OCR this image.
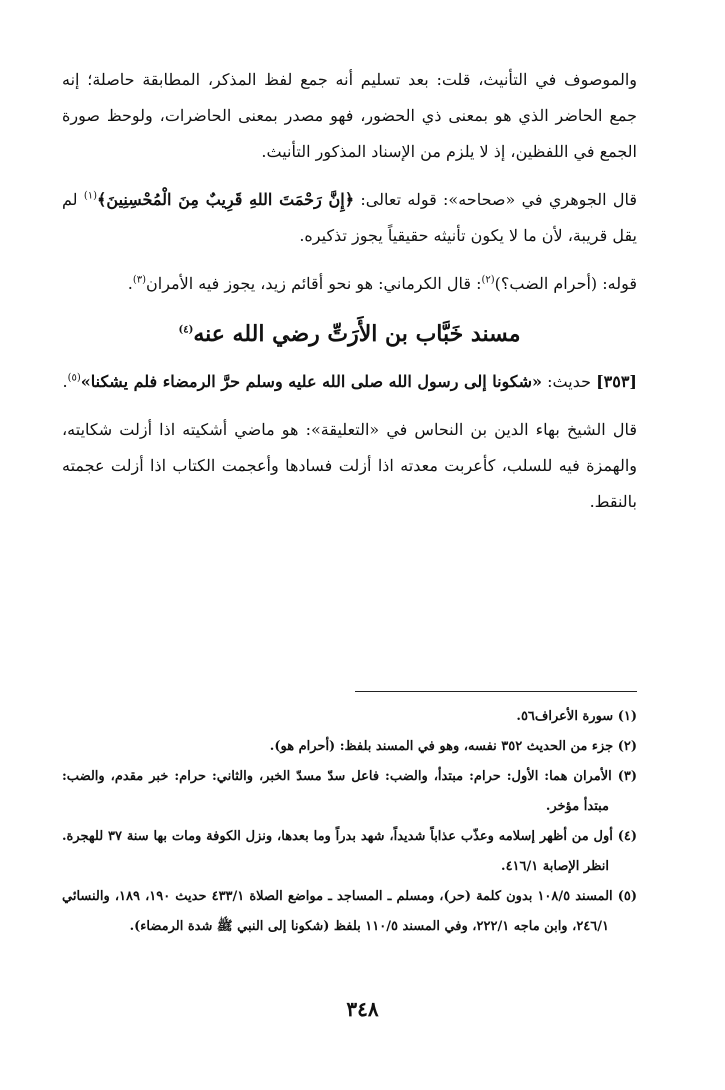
والموصوف في التأنيث، قلت: بعد تسليم أنه جمع لفظ المذكر، المطابقة حاصلة؛ إنه جمع الحاضر الذي هو بمعنى ذي الحضور، فهو مصدر بمعنى الحاضرات، ولوحظ صورة الجمع في اللفظين، إذ لا يلزم من الإسناد المذكور التأنيث.

قال الجوهري في «صحاحه»: قوله تعالى: ﴿إِنَّ رَحْمَتَ اللهِ قَرِيبٌ مِنَ الْمُحْسِنِينَ﴾$^{(١)}$ لم يقل قريبة، لأن ما لا يكون تأنيثه حقيقياً يجوز تذكيره.

قوله: (أحرام الضب؟)$^{(٢)}$: قال الكرماني: هو نحو أقائم زيد، يجوز فيه الأمران$^{(٣)}$.

مسند خَبَّاب بن الأَرَتِّ رضي الله عنه$^{(٤)}$

[٣٥٣] حديث: «شكونا إلى رسول الله صلى الله عليه وسلم حرَّ الرمضاء فلم يشكنا»$^{(٥)}$.

قال الشيخ بهاء الدين بن النحاس في «التعليقة»: هو ماضي أشكيته اذا أزلت شكايته، والهمزة فيه للسلب، كأعربت معدته اذا أزلت فسادها وأعجمت الكتاب اذا أزلت عجمته بالنقط.

(١) سورة الأعراف٥٦.

(٢) جزء من الحديث ٣٥٢ نفسه، وهو في المسند بلفظ: (أحرام هو).

(٣) الأمران هما: الأول: حرام: مبتدأ، والضب: فاعل سدّ مسدّ الخبر، والثاني: حرام: خبر مقدم، والضب: مبتدأ مؤخر.

(٤) أول من أظهر إسلامه وعذّب عذاباً شديداً، شهد بدراً وما بعدها، ونزل الكوفة ومات بها سنة ٣٧ للهجرة. انظر الإصابة ٤١٦/١.

(٥) المسند ١٠٨/٥ بدون كلمة (حر)، ومسلم ـ المساجد ـ مواضع الصلاة ٤٣٣/١ حديث ١٩٠، ١٨٩، والنسائي ٢٤٦/١، وابن ماجه ٢٢٢/١، وفي المسند ١١٠/٥ بلفظ (شكونا إلى النبي ﷺ شدة الرمضاء).

٣٤٨
